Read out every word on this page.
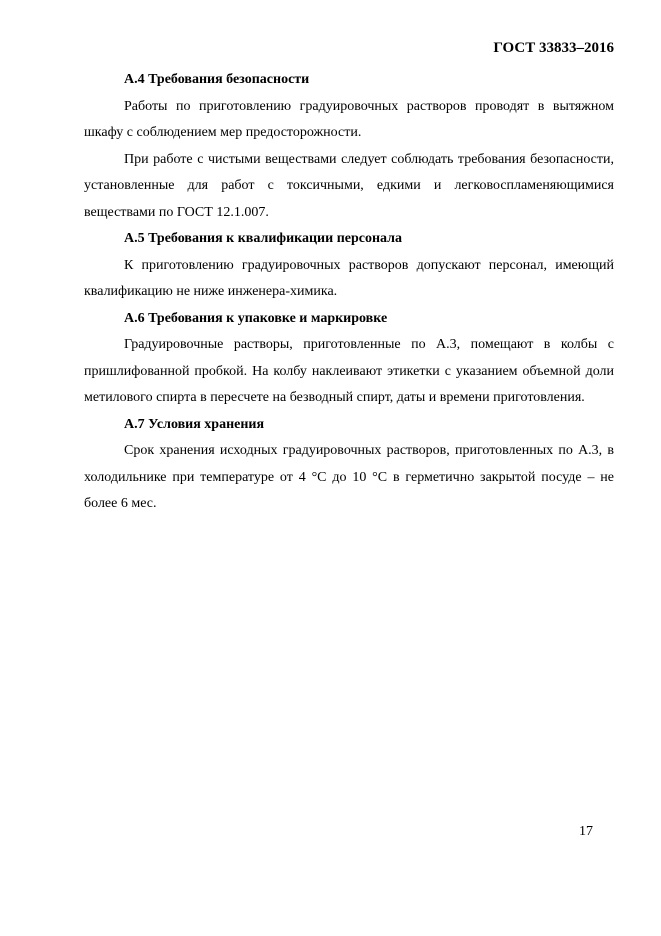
ГОСТ 33833–2016
А.4 Требования безопасности

Работы по приготовлению градуировочных растворов проводят в вытяжном шкафу с соблюдением мер предосторожности.

При работе с чистыми веществами следует соблюдать требования безопасности, установленные для работ с токсичными, едкими и легковоспламеняющимися веществами по ГОСТ 12.1.007.

А.5 Требования к квалификации персонала

К приготовлению градуировочных растворов допускают персонал, имеющий квалификацию не ниже инженера-химика.

А.6 Требования к упаковке и маркировке

Градуировочные растворы, приготовленные по А.3, помещают в колбы с пришлифованной пробкой. На колбу наклеивают этикетки с указанием объемной доли метилового спирта в пересчете на безводный спирт, даты и времени приготовления.

А.7 Условия хранения

Срок хранения исходных градуировочных растворов, приготовленных по А.3, в холодильнике при температуре от 4 °С до 10 °С в герметично закрытой посуде – не более 6 мес.

17
